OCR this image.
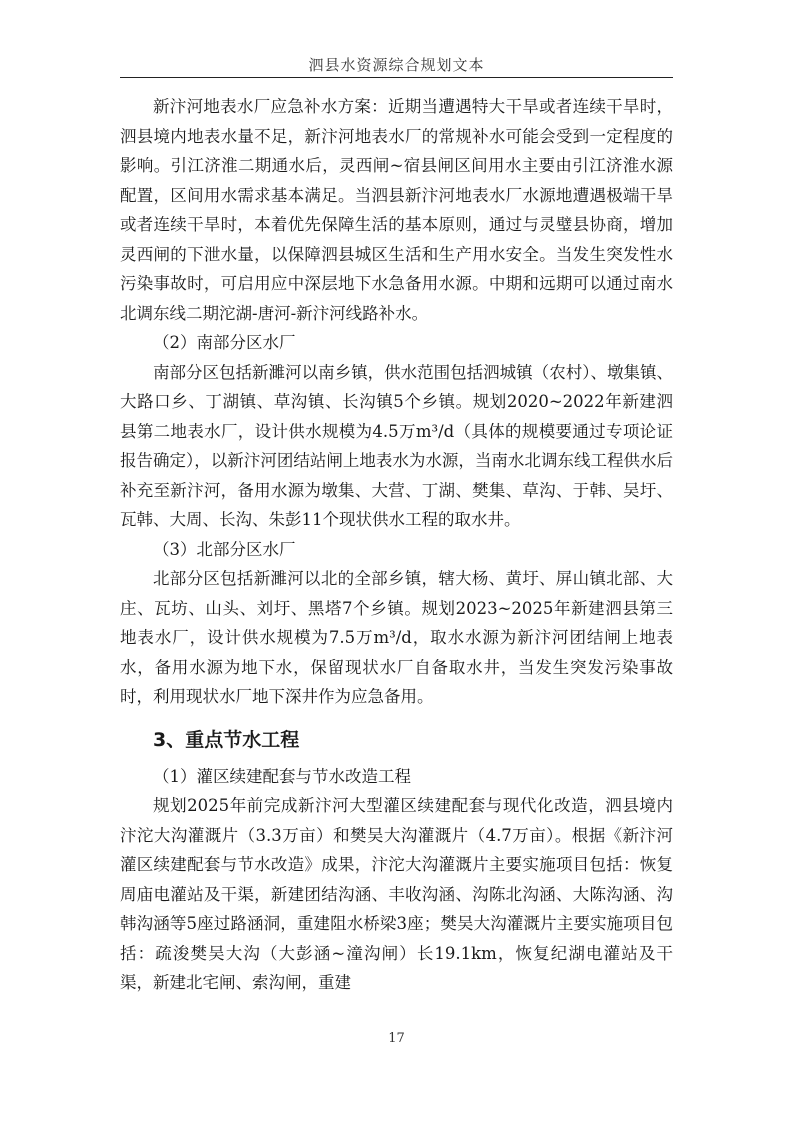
泗县水资源综合规划文本

新汴河地表水厂应急补水方案：近期当遭遇特大干旱或者连续干旱时，泗县境内地表水量不足，新汴河地表水厂的常规补水可能会受到一定程度的影响。引江济淮二期通水后，灵西闸~宿县闸区间用水主要由引江济淮水源配置，区间用水需求基本满足。当泗县新汴河地表水厂水源地遭遇极端干旱或者连续干旱时，本着优先保障生活的基本原则，通过与灵璧县协商，增加灵西闸的下泄水量，以保障泗县城区生活和生产用水安全。当发生突发性水污染事故时，可启用应中深层地下水急备用水源。中期和远期可以通过南水北调东线二期沱湖-唐河-新汴河线路补水。

（2）南部分区水厂

南部分区包括新濉河以南乡镇，供水范围包括泗城镇（农村）、墩集镇、大路口乡、丁湖镇、草沟镇、长沟镇5个乡镇。规划2020~2022年新建泗县第二地表水厂，设计供水规模为4.5万m³/d（具体的规模要通过专项论证报告确定），以新汴河团结站闸上地表水为水源，当南水北调东线工程供水后补充至新汴河，备用水源为墩集、大营、丁湖、樊集、草沟、于韩、吴圩、瓦韩、大周、长沟、朱彭11个现状供水工程的取水井。

（3）北部分区水厂

北部分区包括新濉河以北的全部乡镇，辖大杨、黄圩、屏山镇北部、大庄、瓦坊、山头、刘圩、黑塔7个乡镇。规划2023~2025年新建泗县第三地表水厂，设计供水规模为7.5万m³/d，取水水源为新汴河团结闸上地表水，备用水源为地下水，保留现状水厂自备取水井，当发生突发污染事故时，利用现状水厂地下深井作为应急备用。

3、重点节水工程

（1）灌区续建配套与节水改造工程

规划2025年前完成新汴河大型灌区续建配套与现代化改造，泗县境内汴沱大沟灌溉片（3.3万亩）和樊吴大沟灌溉片（4.7万亩）。根据《新汴河灌区续建配套与节水改造》成果，汴沱大沟灌溉片主要实施项目包括：恢复周庙电灌站及干渠，新建团结沟涵、丰收沟涵、沟陈北沟涵、大陈沟涵、沟韩沟涵等5座过路涵洞，重建阻水桥梁3座；樊吴大沟灌溉片主要实施项目包括：疏浚樊吴大沟（大彭涵~潼沟闸）长19.1km，恢复纪湖电灌站及干渠，新建北宅闸、索沟闸，重建

17
